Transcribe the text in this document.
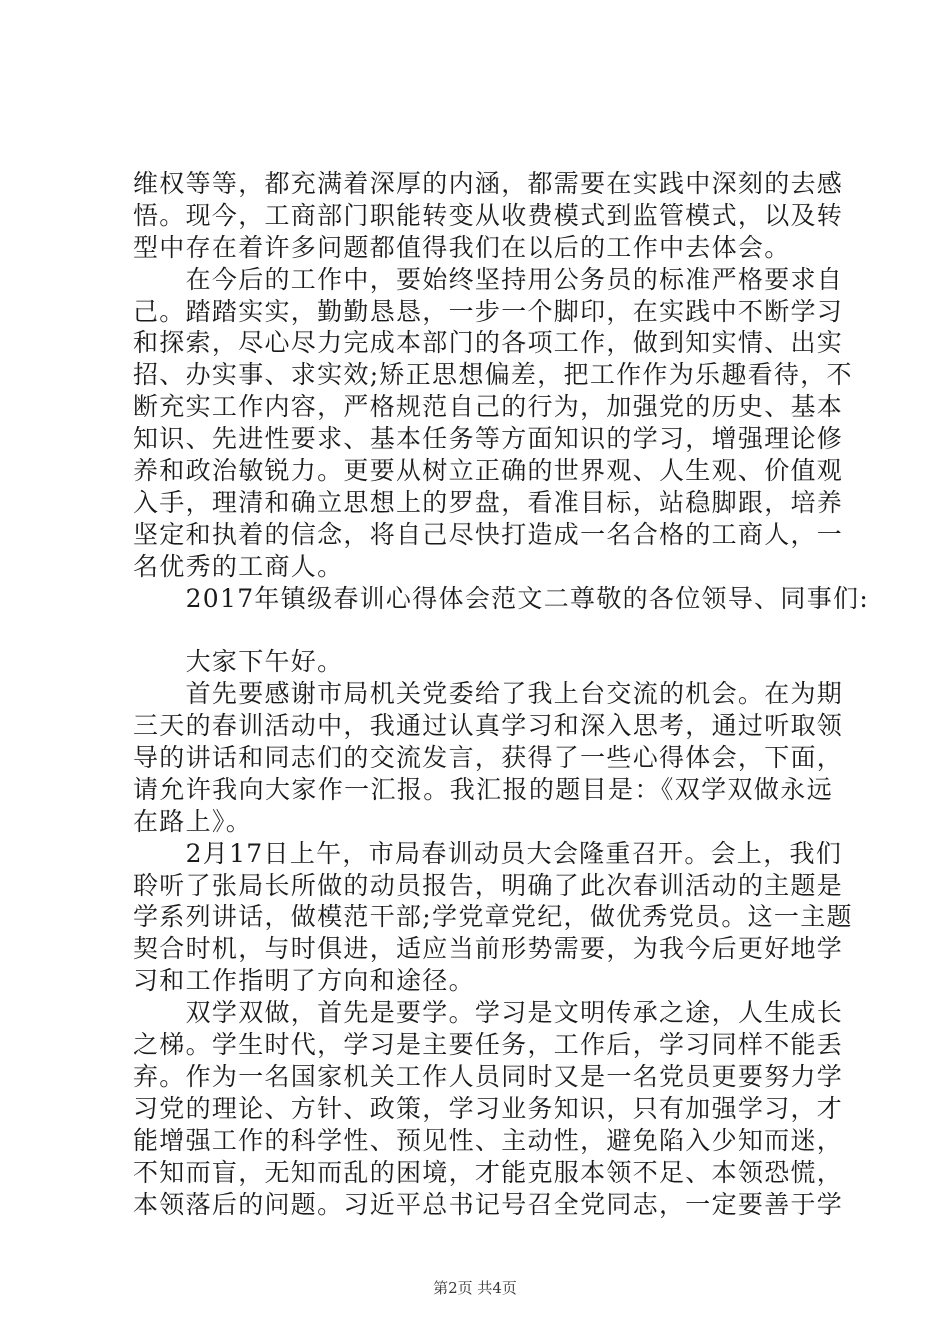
维权等等，都充满着深厚的内涵，都需要在实践中深刻的去感
悟。现今，工商部门职能转变从收费模式到监管模式，以及转
型中存在着许多问题都值得我们在以后的工作中去体会。
　　在今后的工作中，要始终坚持用公务员的标准严格要求自
己。踏踏实实，勤勤恳恳，一步一个脚印，在实践中不断学习
和探索，尽心尽力完成本部门的各项工作，做到知实情、出实
招、办实事、求实效;矫正思想偏差，把工作作为乐趣看待，不
断充实工作内容，严格规范自己的行为，加强党的历史、基本
知识、先进性要求、基本任务等方面知识的学习，增强理论修
养和政治敏锐力。更要从树立正确的世界观、人生观、价值观
入手，理清和确立思想上的罗盘，看准目标，站稳脚跟，培养
坚定和执着的信念，将自己尽快打造成一名合格的工商人，一
名优秀的工商人。
　　2017年镇级春训心得体会范文二尊敬的各位领导、同事们:

　　大家下午好。
　　首先要感谢市局机关党委给了我上台交流的机会。在为期
三天的春训活动中，我通过认真学习和深入思考，通过听取领
导的讲话和同志们的交流发言，获得了一些心得体会，下面，
请允许我向大家作一汇报。我汇报的题目是：《双学双做永远
在路上》。
　　2月17日上午，市局春训动员大会隆重召开。会上，我们
聆听了张局长所做的动员报告，明确了此次春训活动的主题是
学系列讲话，做模范干部;学党章党纪，做优秀党员。这一主题
契合时机，与时俱进，适应当前形势需要，为我今后更好地学
习和工作指明了方向和途径。
　　双学双做，首先是要学。学习是文明传承之途，人生成长
之梯。学生时代，学习是主要任务，工作后，学习同样不能丢
弃。作为一名国家机关工作人员同时又是一名党员更要努力学
习党的理论、方针、政策，学习业务知识，只有加强学习，才
能增强工作的科学性、预见性、主动性，避免陷入少知而迷，
不知而盲，无知而乱的困境，才能克服本领不足、本领恐慌，
本领落后的问题。习近平总书记号召全党同志，一定要善于学
第2页 共4页
